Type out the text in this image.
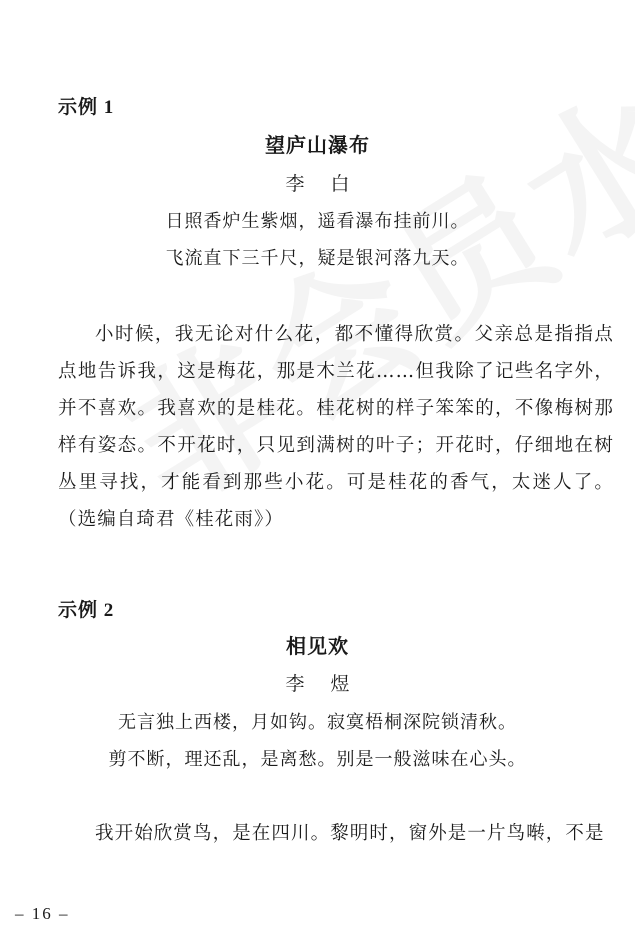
示例 1
望庐山瀑布
李 白
日照香炉生紫烟，遥看瀑布挂前川。
飞流直下三千尺，疑是银河落九天。
小时候，我无论对什么花，都不懂得欣赏。父亲总是指指点点地告诉我，这是梅花，那是木兰花……但我除了记些名字外，并不喜欢。我喜欢的是桂花。桂花树的样子笨笨的，不像梅树那样有姿态。不开花时，只见到满树的叶子；开花时，仔细地在树丛里寻找，才能看到那些小花。可是桂花的香气，太迷人了。（选编自琦君《桂花雨》）
示例 2
相见欢
李 煜
无言独上西楼，月如钩。寂寞梧桐深院锁清秋。
剪不断，理还乱，是离愁。别是一般滋味在心头。
我开始欣赏鸟，是在四川。黎明时，窗外是一片鸟啭，不是
– 16 –
